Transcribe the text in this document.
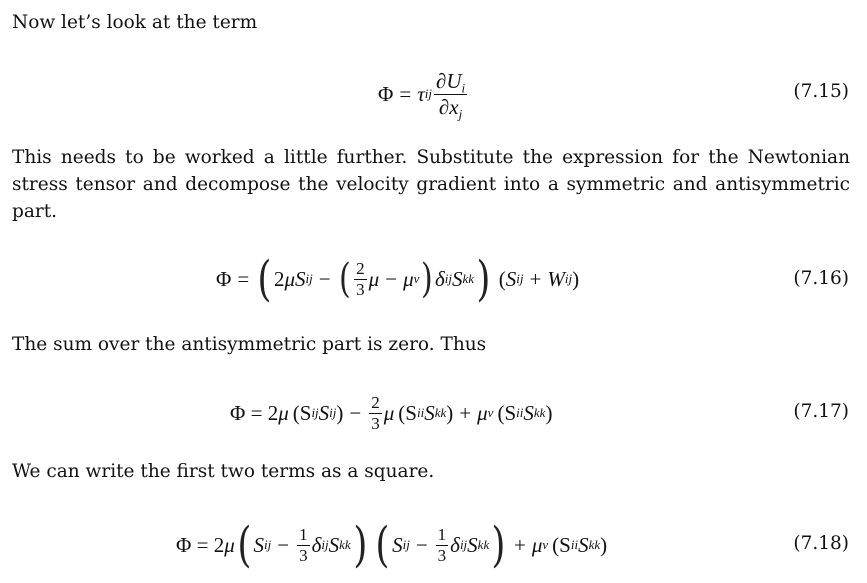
Now let’s look at the term
Φ = τ ij $\frac{\partial U_i}{\partial x_j}$	(7.15)
This needs to be worked a little further. Substitute the expression for the Newtonian stress tensor and decompose the velocity gradient into a symmetric and antisymmetric part.
Φ = ( 2 μ S ij − ( $\frac{2}{3}$ μ − μ v ) δ ij S kk ) ( S ij + W ij )	(7.16)
The sum over the antisymmetric part is zero. Thus
Φ = 2 μ (S ij S ij ) − $\frac{2}{3}$ μ (S ii S kk ) + μ v (S ii S kk )	(7.17)
We can write the first two terms as a square.
Φ = 2 μ ( S ij − $\frac{1}{3}$ δ ij S kk ) ( S ij − $\frac{1}{3}$ δ ij S kk ) + μ v (S ii S kk )	(7.18)
